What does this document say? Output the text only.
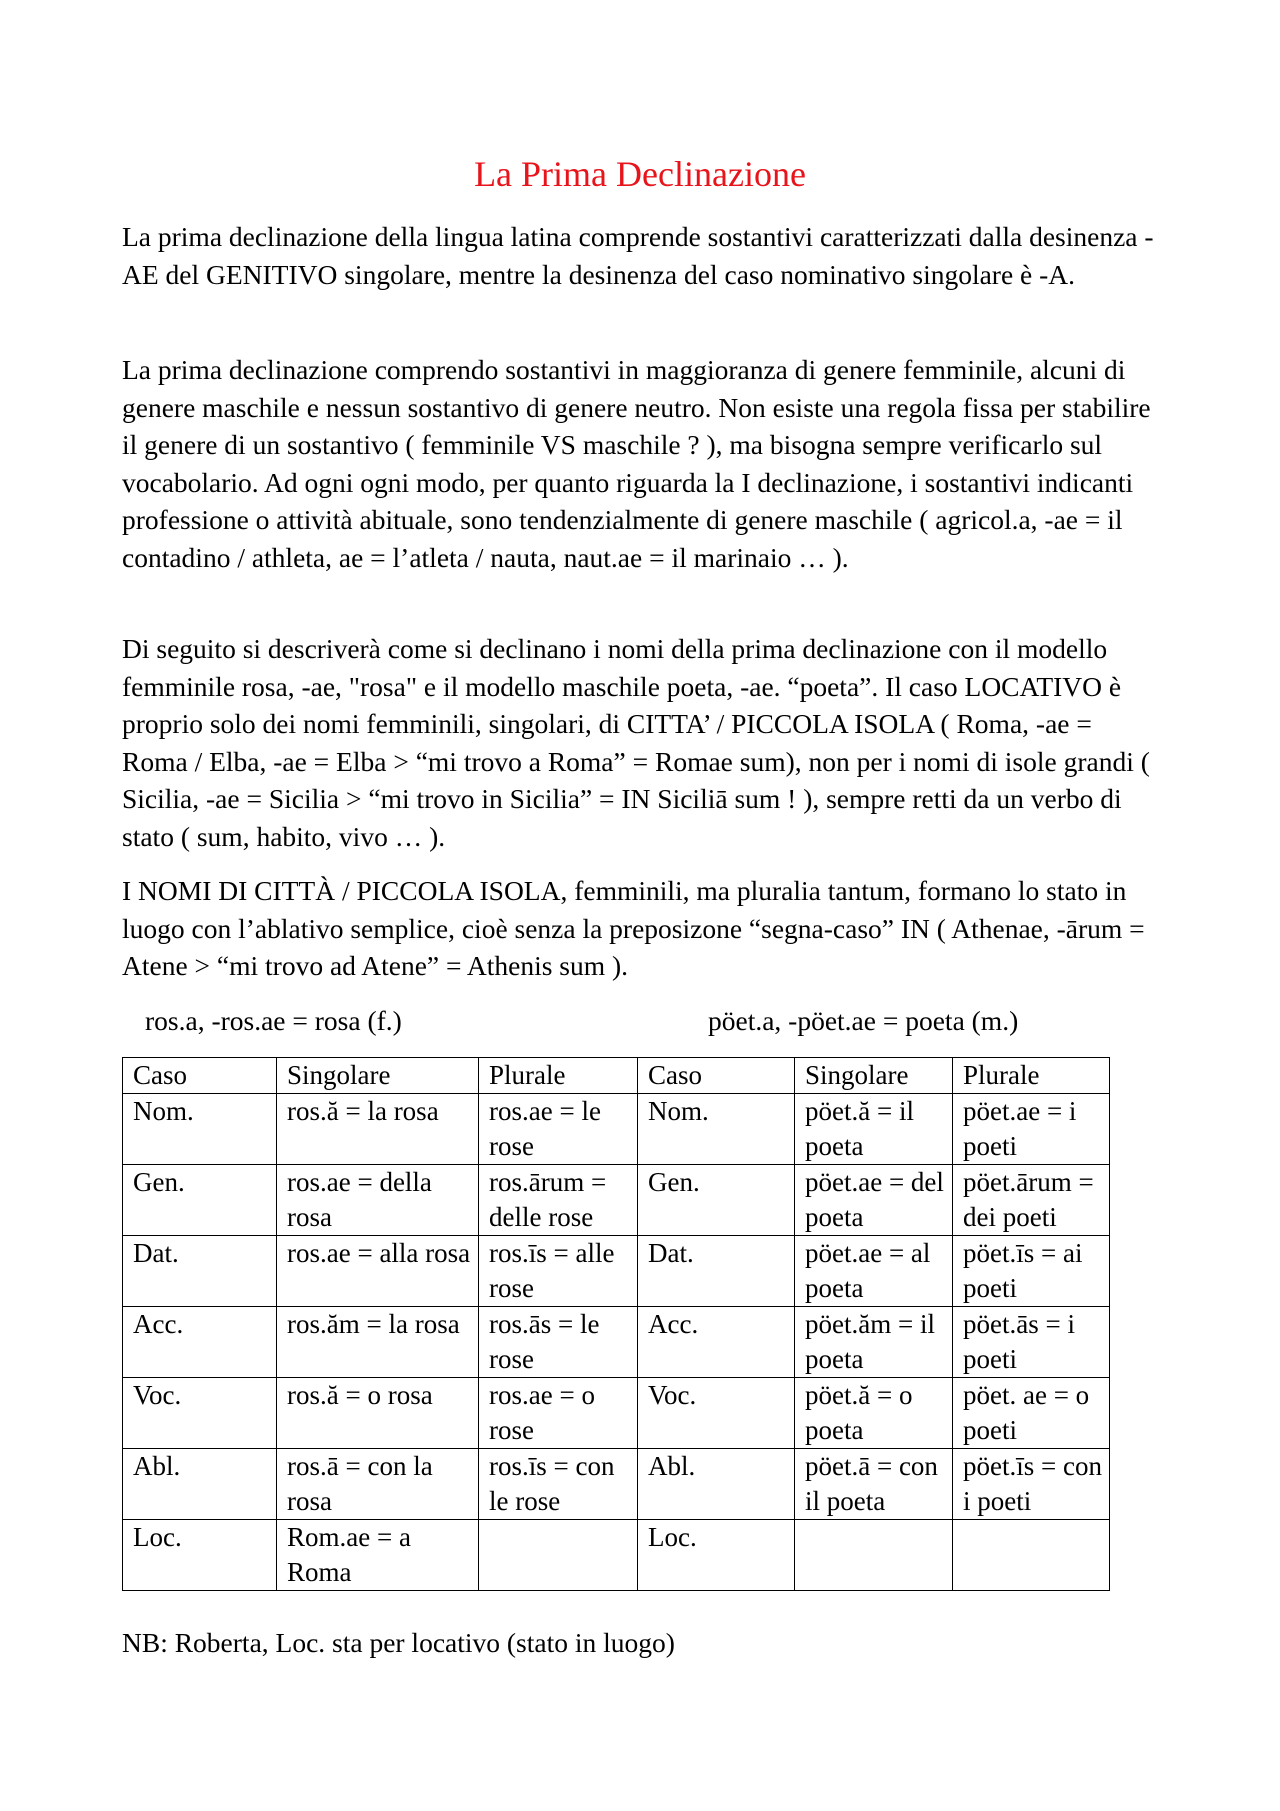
La Prima Declinazione

La prima declinazione della lingua latina comprende sostantivi caratterizzati dalla desinenza -AE del GENITIVO singolare, mentre la desinenza del caso nominativo singolare è -A.

La prima declinazione comprendo sostantivi in maggioranza di genere femminile, alcuni di genere maschile e nessun sostantivo di genere neutro. Non esiste una regola fissa per stabilire il genere di un sostantivo ( femminile VS maschile ? ), ma bisogna sempre verificarlo sul vocabolario. Ad ogni ogni modo, per quanto riguarda la I declinazione, i sostantivi indicanti professione o attività abituale, sono tendenzialmente di genere maschile ( agricol.a, -ae = il contadino / athleta, ae = l’atleta / nauta, naut.ae = il marinaio … ).

Di seguito si descriverà come si declinano i nomi della prima declinazione con il modello femminile rosa, -ae, "rosa" e il modello maschile poeta, -ae. “poeta”. Il caso LOCATIVO è proprio solo dei nomi femminili, singolari, di CITTA’ / PICCOLA ISOLA ( Roma, -ae = Roma / Elba, -ae = Elba > “mi trovo a Roma” = Romae sum), non per i nomi di isole grandi ( Sicilia, -ae = Sicilia > “mi trovo in Sicilia” = IN Siciliā sum ! ), sempre retti da un verbo di stato ( sum, habito, vivo … ).

I NOMI DI CITTÀ / PICCOLA ISOLA, femminili, ma pluralia tantum, formano lo stato in luogo con l’ablativo semplice, cioè senza la preposizone “segna-caso” IN ( Athenae, -ārum = Atene > “mi trovo ad Atene” = Athenis sum ).

ros.a, -ros.ae = rosa (f.)	pöet.a, -pöet.ae = poeta (m.)
Caso	Singolare	Plurale	Caso	Singolare	Plurale
Nom.	ros.ă = la rosa	ros.ae = le rose	Nom.	pöet.ă = il poeta	pöet.ae = i poeti
Gen.	ros.ae = della rosa	ros.ārum = delle rose	Gen.	pöet.ae = del poeta	pöet.ārum = dei poeti
Dat.	ros.ae = alla rosa	ros.īs = alle rose	Dat.	pöet.ae = al poeta	pöet.īs = ai poeti
Acc.	ros.ăm = la rosa	ros.ās = le rose	Acc.	pöet.ăm = il poeta	pöet.ās = i poeti
Voc.	ros.ă = o rosa	ros.ae = o rose	Voc.	pöet.ă = o poeta	pöet. ae = o poeti
Abl.	ros.ā = con la rosa	ros.īs = con le rose	Abl.	pöet.ā = con il poeta	pöet.īs = con i poeti
Loc.	Rom.ae = a Roma		Loc.		
NB: Roberta, Loc. sta per locativo (stato in luogo)
